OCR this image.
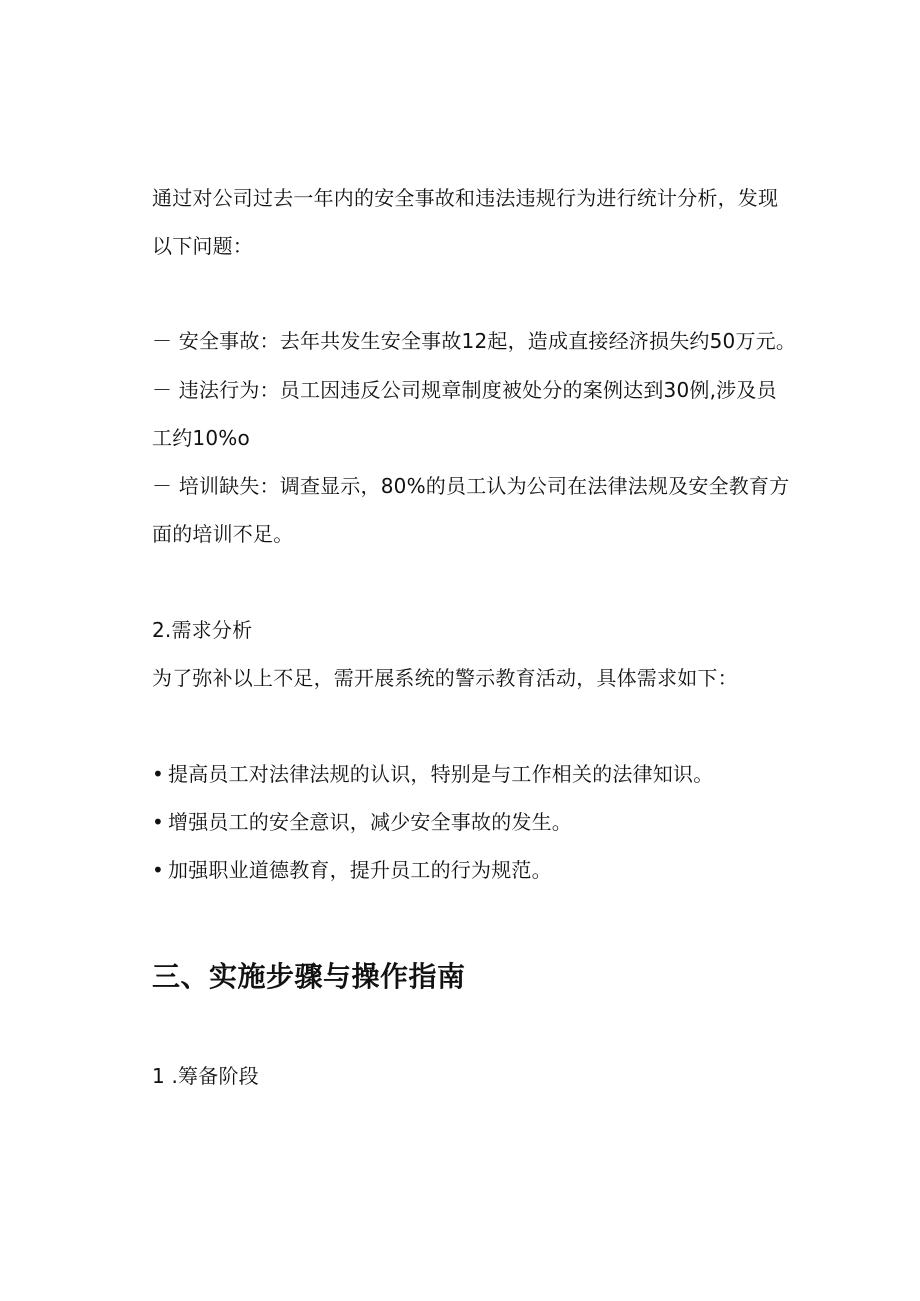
通过对公司过去一年内的安全事故和违法违规行为进行统计分析，发现
以下问题：
－ 安全事故：去年共发生安全事故12起，造成直接经济损失约50万元。
－ 违法行为：员工因违反公司规章制度被处分的案例达到30例,涉及员
工约10%o
－ 培训缺失：调查显示，80%的员工认为公司在法律法规及安全教育方
面的培训不足。
2.需求分析
为了弥补以上不足，需开展系统的警示教育活动，具体需求如下：
• 提高员工对法律法规的认识，特别是与工作相关的法律知识。
• 增强员工的安全意识，减少安全事故的发生。
• 加强职业道德教育，提升员工的行为规范。
三、实施步骤与操作指南
1 .筹备阶段
